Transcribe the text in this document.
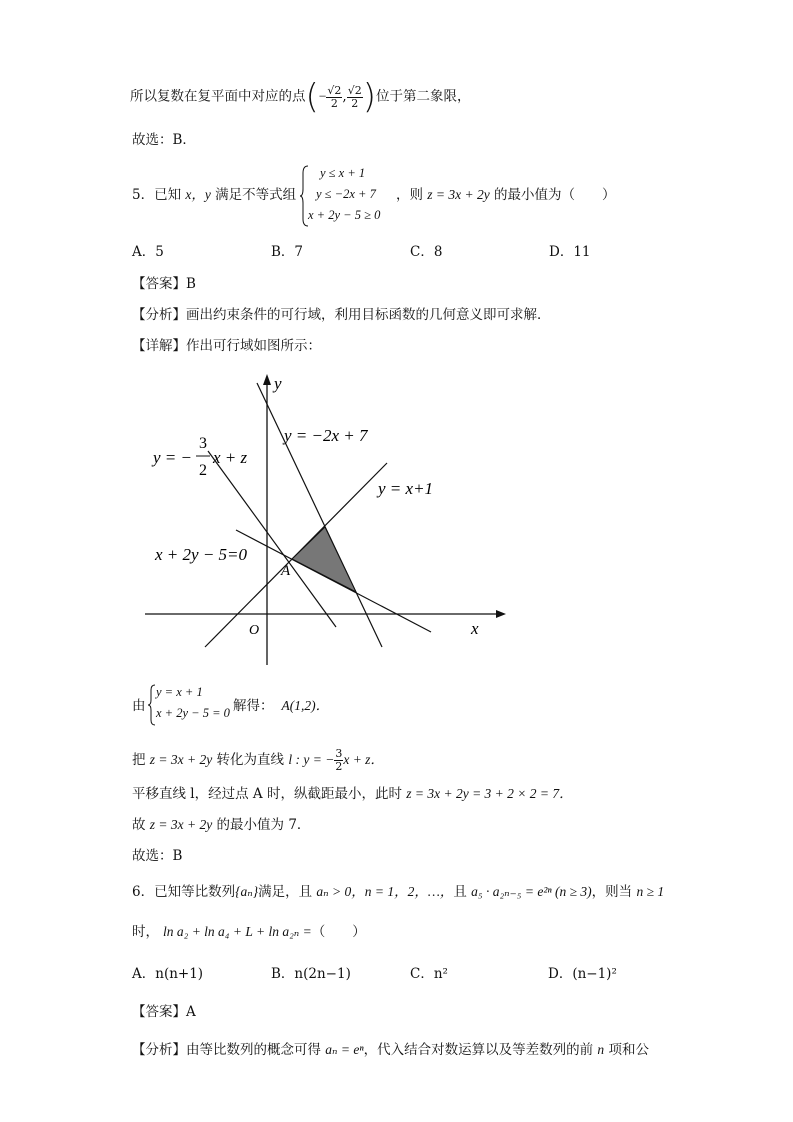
所以复数在复平面中对应的点(− $\frac{√2}{2}$ , $\frac{√2}{2}$ )位于第二象限，
故选：B．
5．已知 x，y 满足不等式组
y ≤ x + 1
y ≤ −2x + 7
x + 2y − 5 ≥ 0
，则 z = 3x + 2y 的最小值为（　　）
A．5	B．7	C．8	D．11
【答案】B
【分析】画出约束条件的可行域，利用目标函数的几何意义即可求解．
【详解】作出可行域如图所示：
y
x
O
A
y = −2x + 7
y = x+1
x + 2y − 5=0
y = −
3
2
x + z
由
y = x + 1
x + 2y − 5 = 0 解得： A(1,2)．
把 z = 3x + 2y 转化为直线 l : y = − $\frac{3}{2}$ x + z．
平移直线 l，经过点 A 时，纵截距最小，此时 z = 3x + 2y = 3 + 2 × 2 = 7．
故 z = 3x + 2y 的最小值为 7．
故选：B
6．已知等比数列{aₙ}满足，且 aₙ > 0，n = 1，2，…，且 a₅ · a₂ₙ₋₅ = e²ⁿ (n ≥ 3)，则当 n ≥ 1
时， ln a₂ + ln a₄ + L + ln a₂ₙ =（　　）
A．n(n+1)	B．n(2n−1)	C．n²	D．(n−1)²
【答案】A
【分析】由等比数列的概念可得 aₙ = eⁿ，代入结合对数运算以及等差数列的前 n 项和公
